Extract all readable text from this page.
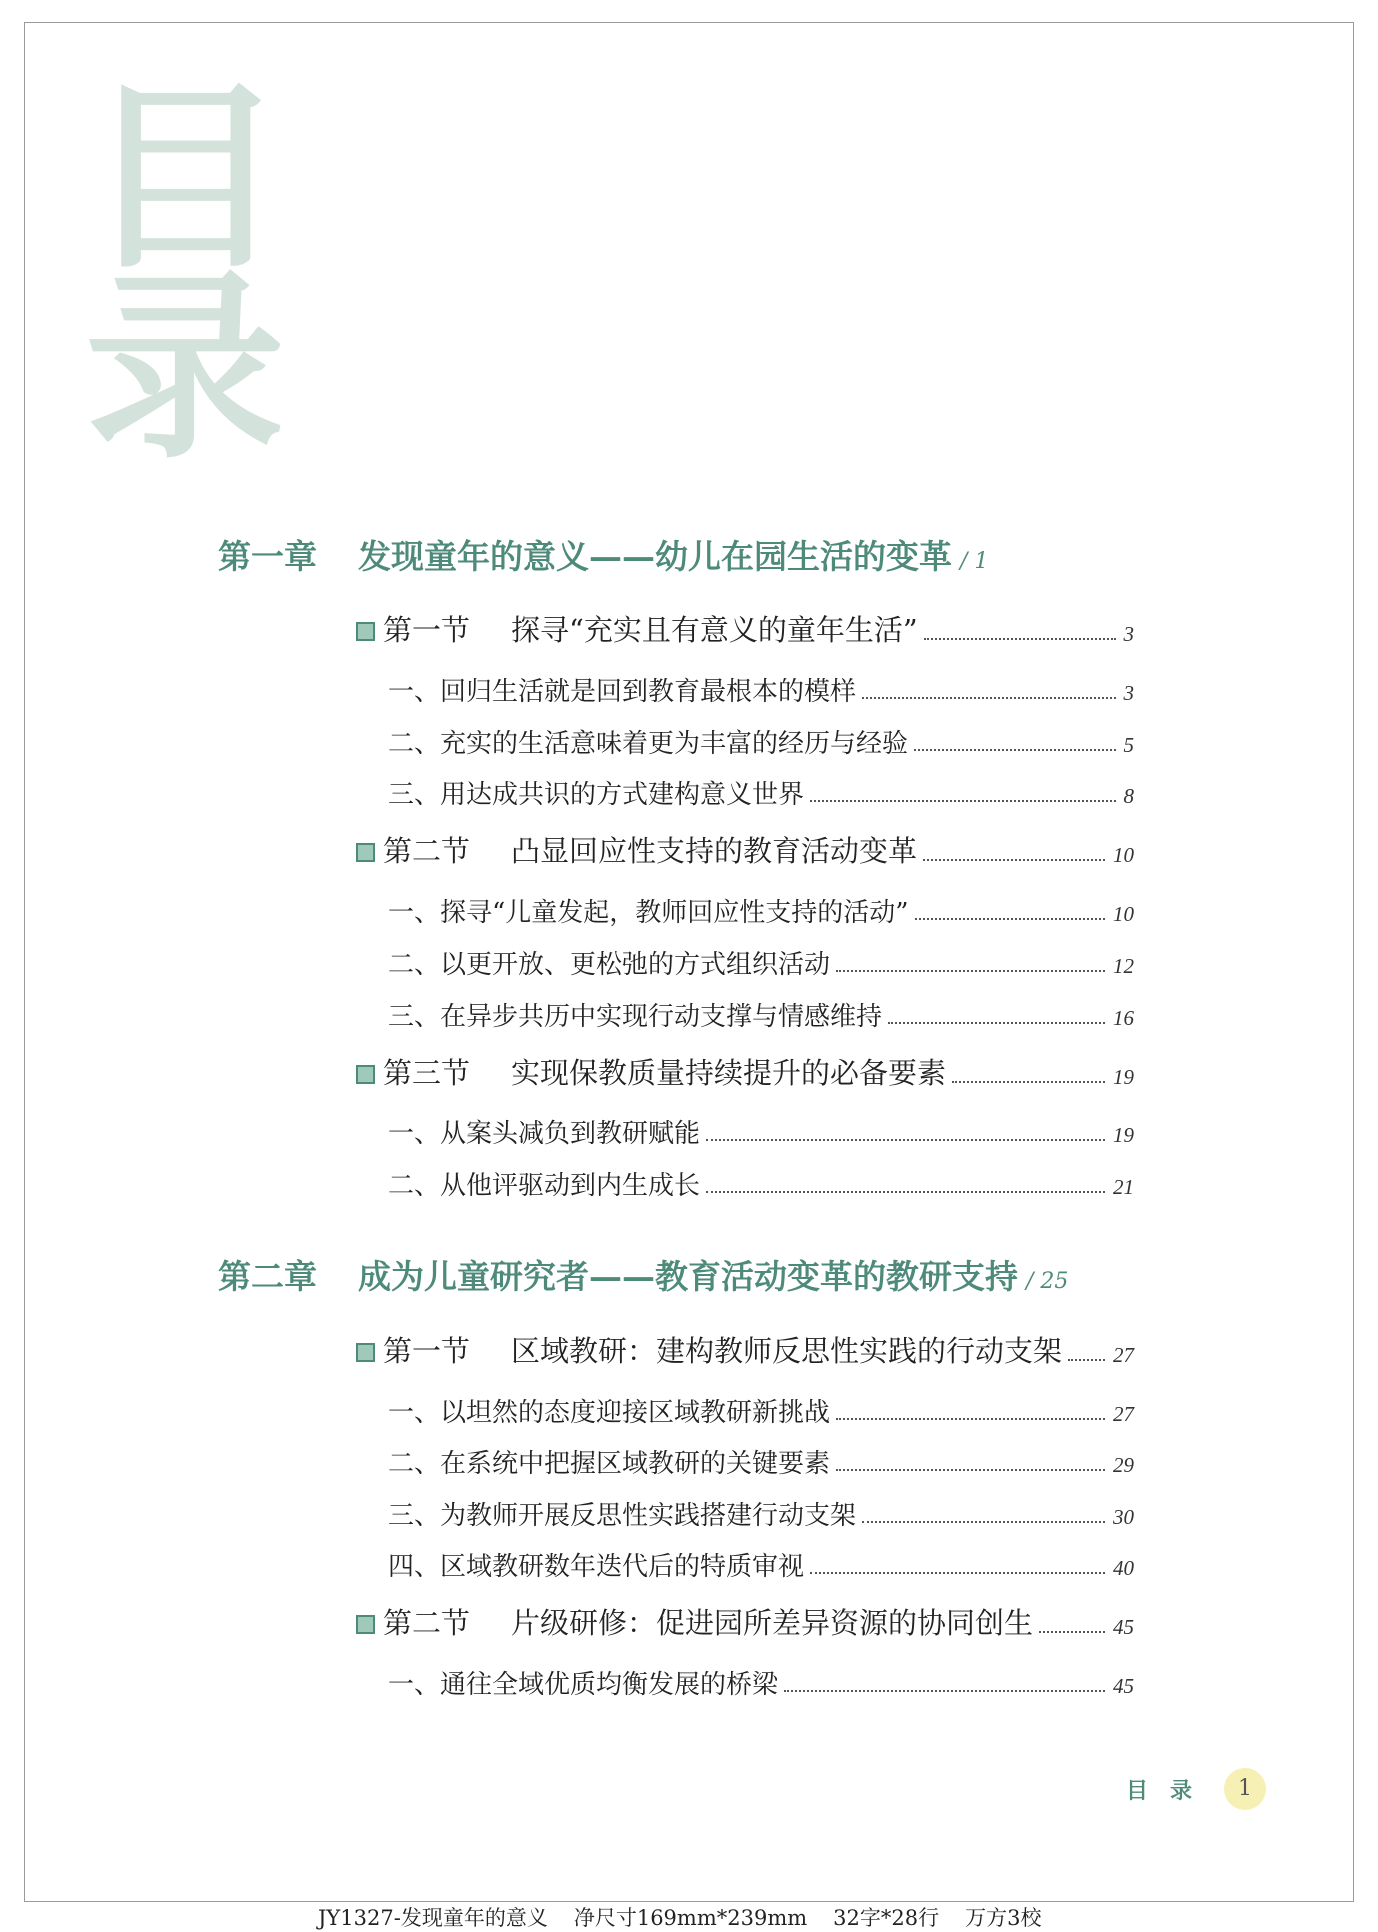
目
录
第一章 发现童年的意义——幼儿在园生活的变革 / 1
第一节 探寻“充实且有意义的童年生活”	3
一、回归生活就是回到教育最根本的模样	3
二、充实的生活意味着更为丰富的经历与经验	5
三、用达成共识的方式建构意义世界	8
第二节 凸显回应性支持的教育活动变革	10
一、探寻“儿童发起，教师回应性支持的活动”	10
二、以更开放、更松弛的方式组织活动	12
三、在异步共历中实现行动支撑与情感维持	16
第三节 实现保教质量持续提升的必备要素	19
一、从案头减负到教研赋能	19
二、从他评驱动到内生成长	21
第二章 成为儿童研究者——教育活动变革的教研支持 / 25
第一节 区域教研：建构教师反思性实践的行动支架 27
一、以坦然的态度迎接区域教研新挑战	27
二、在系统中把握区域教研的关键要素	29
三、为教师开展反思性实践搭建行动支架	30
四、区域教研数年迭代后的特质审视	40
第二节 片级研修：促进园所差异资源的协同创生	45
一、通往全域优质均衡发展的桥梁	45
目录	1
JY1327-发现童年的意义 净尺寸169mm*239mm 32字*28行 万方3校
